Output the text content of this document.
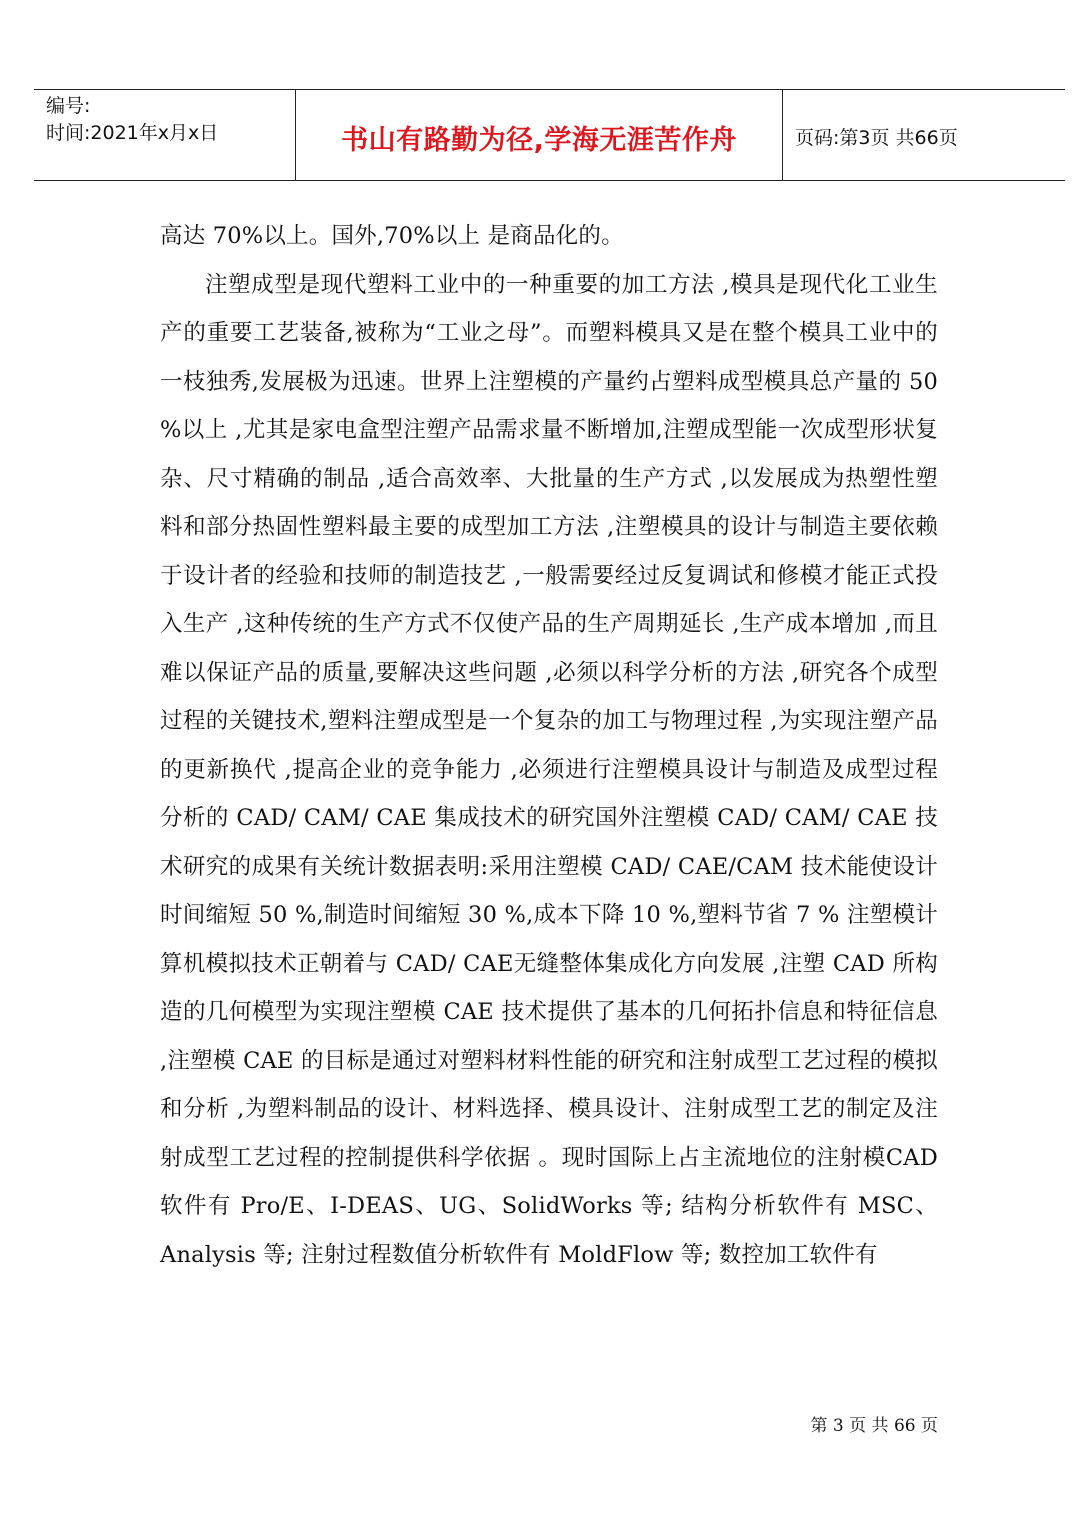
编号:
时间:2021年x月x日	书山有路勤为径,学海无涯苦作舟	页码:第3页 共66页

高达 70%以上。国外,70%以上 是商品化的。

注塑成型是现代塑料工业中的一种重要的加工方法 ,模具是现代化工业生产的重要工艺装备,被称为“工业之母”。而塑料模具又是在整个模具工业中的一枝独秀,发展极为迅速。世界上注塑模的产量约占塑料成型模具总产量的 50 %以上 ,尤其是家电盒型注塑产品需求量不断增加,注塑成型能一次成型形状复杂、尺寸精确的制品 ,适合高效率、大批量的生产方式 ,以发展成为热塑性塑料和部分热固性塑料最主要的成型加工方法 ,注塑模具的设计与制造主要依赖于设计者的经验和技师的制造技艺 ,一般需要经过反复调试和修模才能正式投入生产 ,这种传统的生产方式不仅使产品的生产周期延长 ,生产成本增加 ,而且难以保证产品的质量,要解决这些问题 ,必须以科学分析的方法 ,研究各个成型过程的关键技术,塑料注塑成型是一个复杂的加工与物理过程 ,为实现注塑产品的更新换代 ,提高企业的竞争能力 ,必须进行注塑模具设计与制造及成型过程分析的 CAD/ CAM/ CAE 集成技术的研究国外注塑模 CAD/ CAM/ CAE 技术研究的成果有关统计数据表明:采用注塑模 CAD/ CAE/CAM 技术能使设计时间缩短 50 %,制造时间缩短 30 %,成本下降 10 %,塑料节省 7 % 注塑模计算机模拟技术正朝着与 CAD/ CAE无缝整体集成化方向发展 ,注塑 CAD 所构造的几何模型为实现注塑模 CAE 技术提供了基本的几何拓扑信息和特征信息 ,注塑模 CAE 的目标是通过对塑料材料性能的研究和注射成型工艺过程的模拟和分析 ,为塑料制品的设计、材料选择、模具设计、注射成型工艺的制定及注射成型工艺过程的控制提供科学依据 。现时国际上占主流地位的注射模CAD软件有 Pro/E、I-DEAS、UG、SolidWorks 等; 结构分析软件有 MSC、Analysis 等; 注射过程数值分析软件有 MoldFlow 等; 数控加工软件有

第 3 页 共 66 页
